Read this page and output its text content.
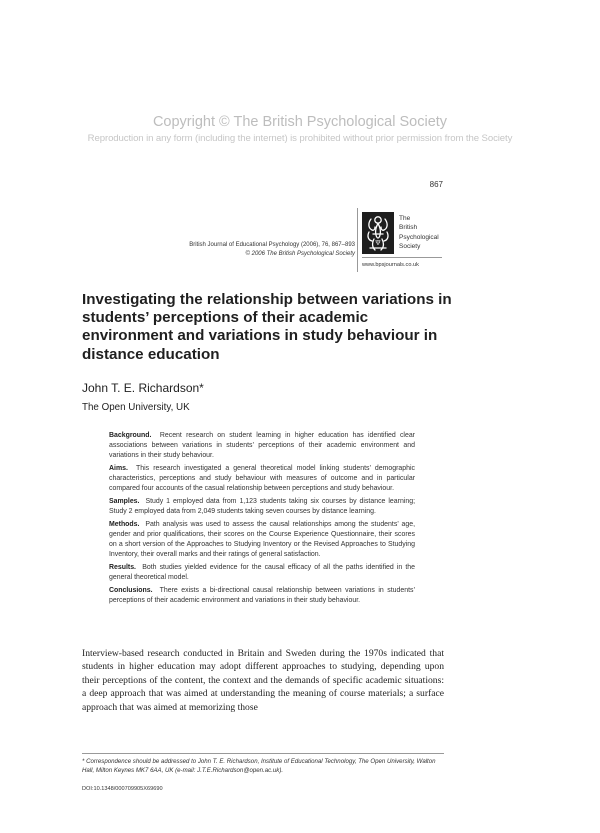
Copyright © The British Psychological Society
Reproduction in any form (including the internet) is prohibited without prior permission from the Society
867
British Journal of Educational Psychology (2006), 76, 867–893
© 2006 The British Psychological Society
Ψ
The
British
Psychological
Society
www.bpsjournals.co.uk
Investigating the relationship between variations in students’ perceptions of their academic environment and variations in study behaviour in distance education
John T. E. Richardson*
The Open University, UK

Background. Recent research on student learning in higher education has identified clear associations between variations in students’ perceptions of their academic environment and variations in their study behaviour.

Aims. This research investigated a general theoretical model linking students’ demographic characteristics, perceptions and study behaviour with measures of outcome and in particular compared four accounts of the casual relationship between perceptions and study behaviour.

Samples. Study 1 employed data from 1,123 students taking six courses by distance learning; Study 2 employed data from 2,049 students taking seven courses by distance learning.

Methods. Path analysis was used to assess the causal relationships among the students’ age, gender and prior qualifications, their scores on the Course Experience Questionnaire, their scores on a short version of the Approaches to Studying Inventory or the Revised Approaches to Studying Inventory, their overall marks and their ratings of general satisfaction.

Results. Both studies yielded evidence for the causal efficacy of all the paths identified in the general theoretical model.

Conclusions. There exists a bi-directional causal relationship between variations in students’ perceptions of their academic environment and variations in their study behaviour.

Interview-based research conducted in Britain and Sweden during the 1970s indicated that students in higher education may adopt different approaches to studying, depending upon their perceptions of the content, the context and the demands of specific academic situations: a deep approach that was aimed at understanding the meaning of course materials; a surface approach that was aimed at memorizing those

* Correspondence should be addressed to John T. E. Richardson, Institute of Educational Technology, The Open University, Walton Hall, Milton Keynes MK7 6AA, UK (e-mail: J.T.E.Richardson@open.ac.uk).
DOI:10.1348/000709905X69690
